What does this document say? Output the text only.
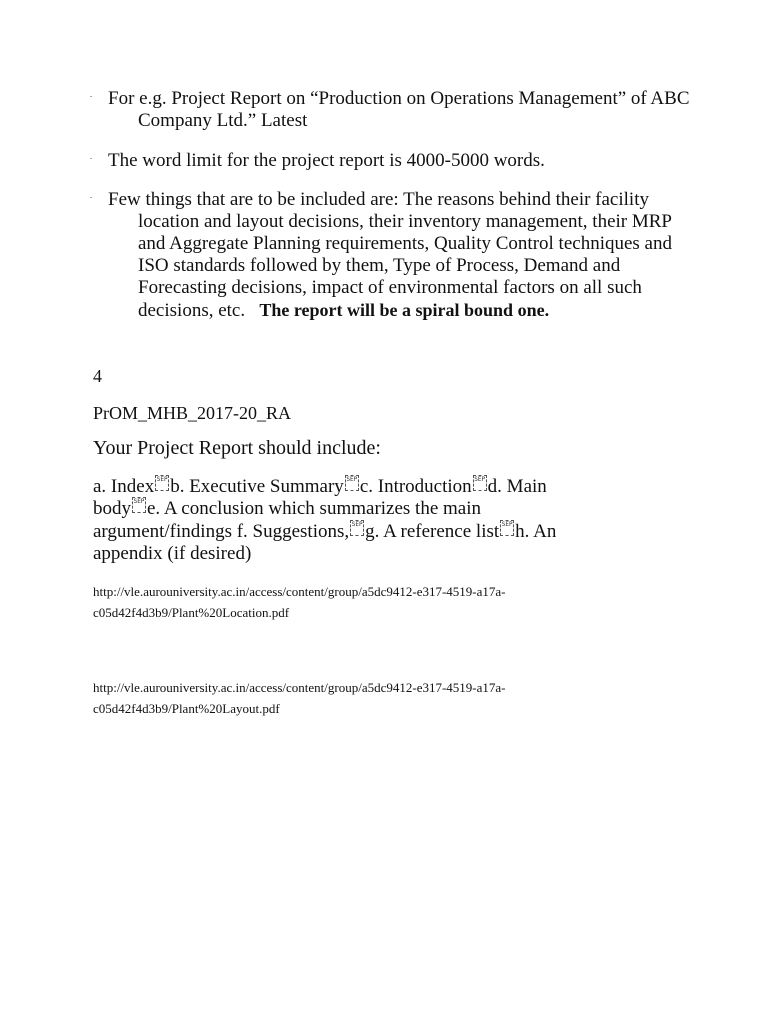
. For e.g. Project Report on “Production on Operations Management” of ABC Company Ltd.” Latest
. The word limit for the project report is 4000-5000 words.
. Few things that are to be included are: The reasons behind their facility location and layout decisions, their inventory management, their MRP and Aggregate Planning requirements, Quality Control techniques and ISO standards followed by them, Type of Process, Demand and Forecasting decisions, impact of environmental factors on all such decisions, etc. The report will be a spiral bound one.
4
PrOM_MHB_2017-20_RA
Your Project Report should include:
a. Index SEP b. Executive Summary SEP c. Introduction SEP d. Main
body SEP e. A conclusion which summarizes the main
argument/findings f. Suggestions, SEP g. A reference list SEP h. An
appendix (if desired)
http://vle.aurouniversity.ac.in/access/content/group/a5dc9412-e317-4519-a17a-
c05d42f4d3b9/Plant%20Location.pdf
http://vle.aurouniversity.ac.in/access/content/group/a5dc9412-e317-4519-a17a-
c05d42f4d3b9/Plant%20Layout.pdf
